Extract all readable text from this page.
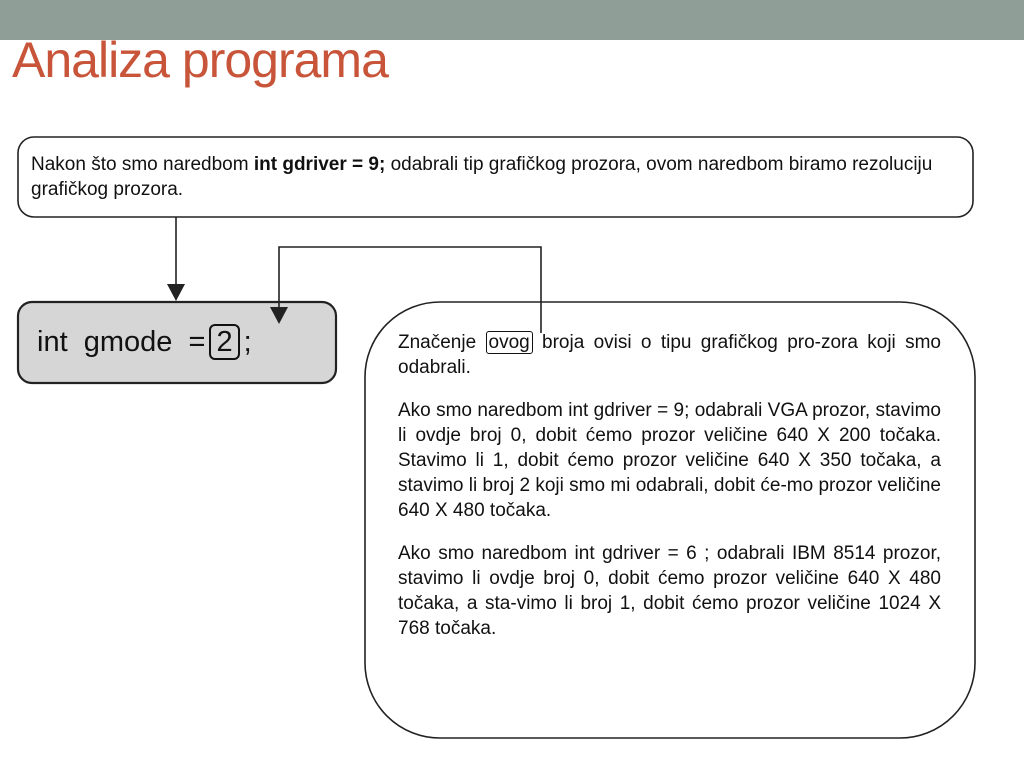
Analiza programa
Nakon što smo naredbom int gdriver = 9; odabrali tip grafičkog prozora, ovom naredbom biramo rezoluciju grafičkog prozora.
int  gmode  = 2 ;	Značenje ovog broja ovisi o tipu grafičkog pro-zora koji smo odabrali.

Ako smo naredbom int gdriver = 9; odabrali VGA prozor, stavimo li ovdje broj 0, dobit ćemo prozor veličine 640 X 200 točaka. Stavimo li 1, dobit ćemo prozor veličine 640 X 350 točaka, a stavimo li broj 2 koji smo mi odabrali, dobit će-mo prozor veličine 640 X 480 točaka.

Ako smo naredbom int gdriver = 6 ; odabrali IBM 8514 prozor, stavimo li ovdje broj 0, dobit ćemo prozor veličine 640 X 480 točaka, a sta-vimo li broj 1, dobit ćemo prozor veličine 1024 X 768 točaka.
